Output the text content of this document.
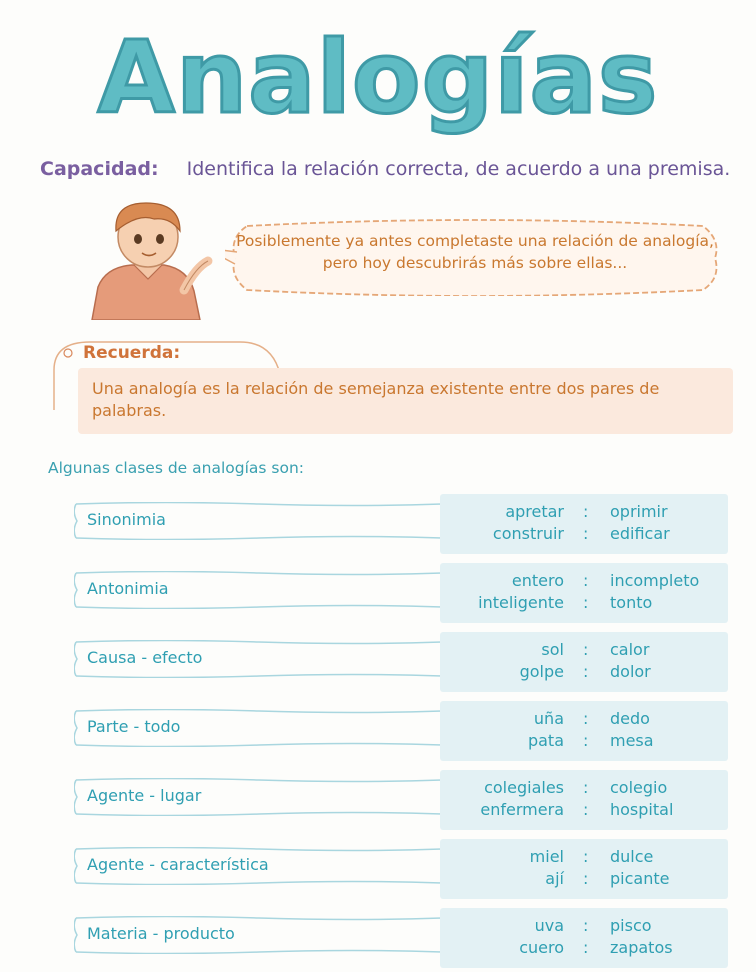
Analogías
Capacidad: Identifica la relación correcta, de acuerdo a una premisa.
Posiblemente ya antes completaste una relación de analogía, pero hoy descubrirás más sobre ellas...
Recuerda:
Una analogía es la relación de semejanza existente entre dos pares de palabras.
Algunas clases de analogías son:
Sinonimia	apretar : oprimir
construir : edificar
Antonimia	entero : incompleto
inteligente : tonto
Causa - efecto	sol : calor
golpe : dolor
Parte - todo	uña : dedo
pata : mesa
Agente - lugar	colegiales : colegio
enfermera : hospital
Agente - característica	miel : dulce
ají : picante
Materia - producto	uva : pisco
cuero : zapatos
